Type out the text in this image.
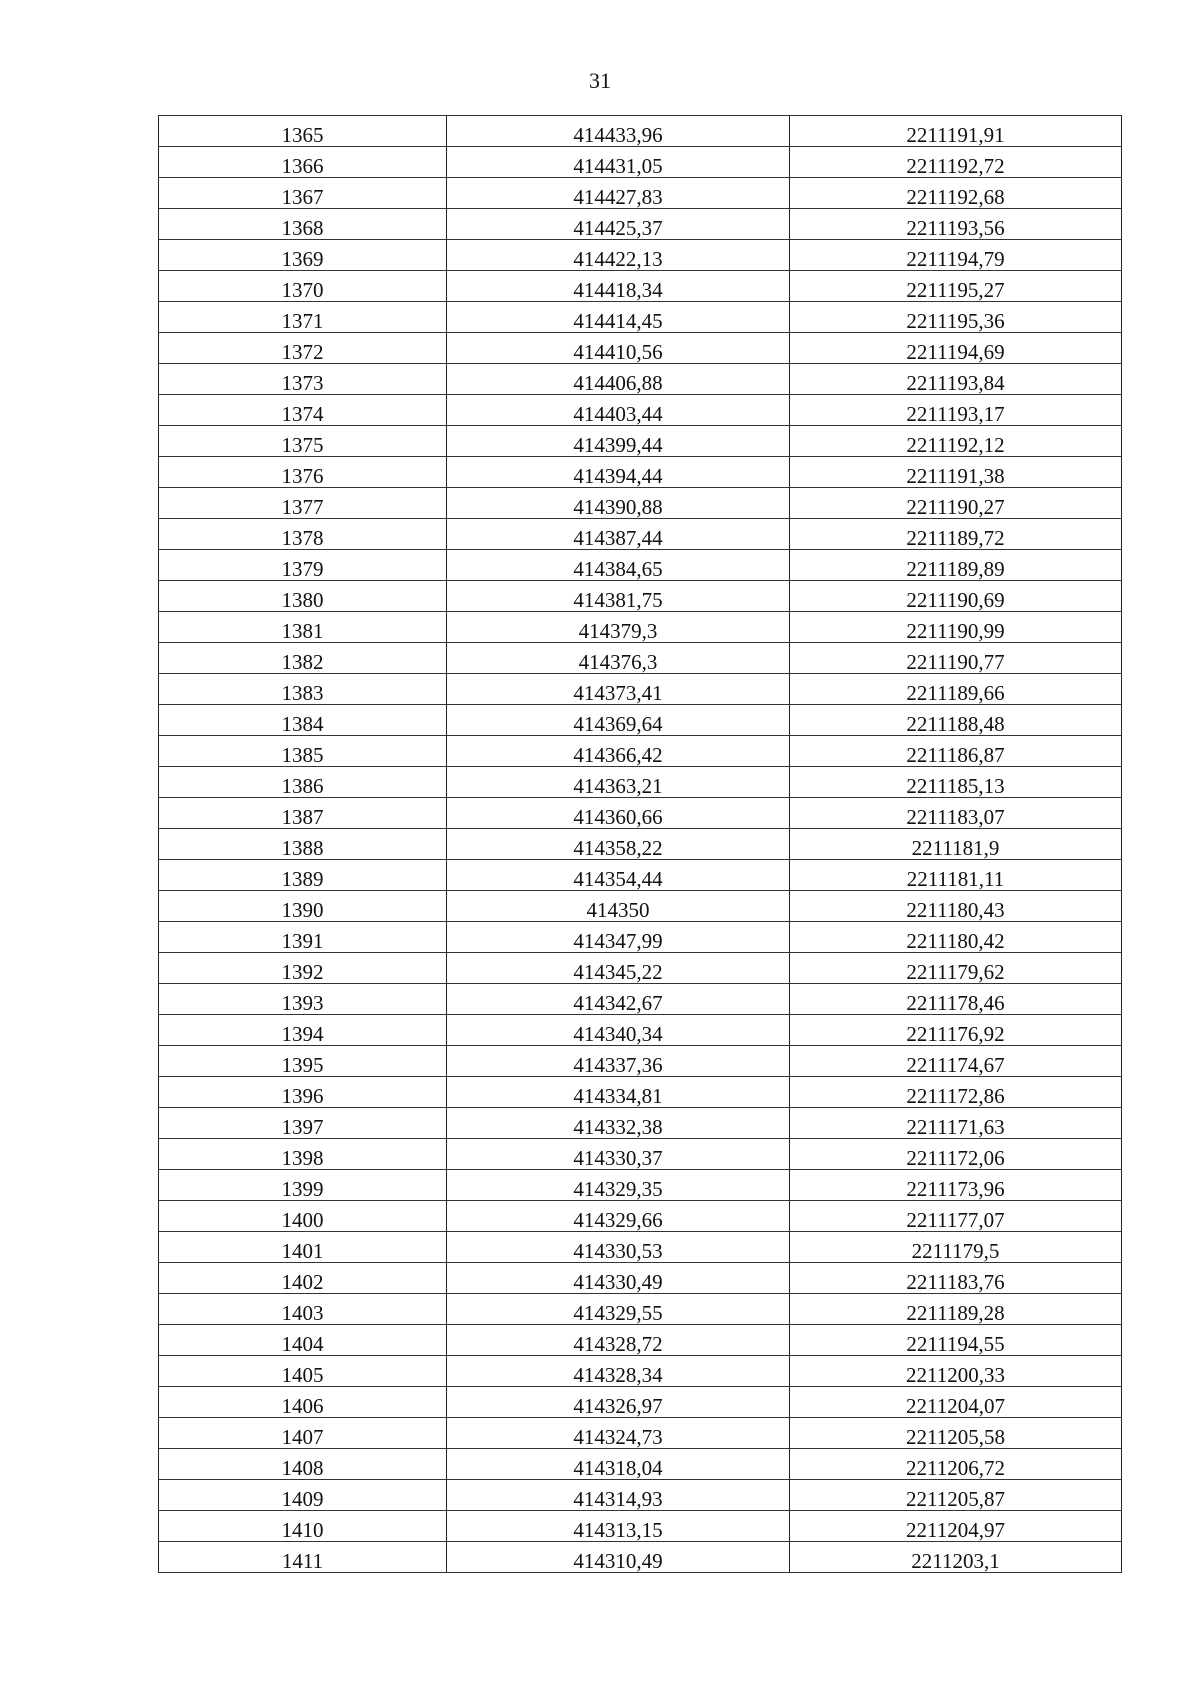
31
1365	414433,96	2211191,91
1366	414431,05	2211192,72
1367	414427,83	2211192,68
1368	414425,37	2211193,56
1369	414422,13	2211194,79
1370	414418,34	2211195,27
1371	414414,45	2211195,36
1372	414410,56	2211194,69
1373	414406,88	2211193,84
1374	414403,44	2211193,17
1375	414399,44	2211192,12
1376	414394,44	2211191,38
1377	414390,88	2211190,27
1378	414387,44	2211189,72
1379	414384,65	2211189,89
1380	414381,75	2211190,69
1381	414379,3	2211190,99
1382	414376,3	2211190,77
1383	414373,41	2211189,66
1384	414369,64	2211188,48
1385	414366,42	2211186,87
1386	414363,21	2211185,13
1387	414360,66	2211183,07
1388	414358,22	2211181,9
1389	414354,44	2211181,11
1390	414350	2211180,43
1391	414347,99	2211180,42
1392	414345,22	2211179,62
1393	414342,67	2211178,46
1394	414340,34	2211176,92
1395	414337,36	2211174,67
1396	414334,81	2211172,86
1397	414332,38	2211171,63
1398	414330,37	2211172,06
1399	414329,35	2211173,96
1400	414329,66	2211177,07
1401	414330,53	2211179,5
1402	414330,49	2211183,76
1403	414329,55	2211189,28
1404	414328,72	2211194,55
1405	414328,34	2211200,33
1406	414326,97	2211204,07
1407	414324,73	2211205,58
1408	414318,04	2211206,72
1409	414314,93	2211205,87
1410	414313,15	2211204,97
1411	414310,49	2211203,1
